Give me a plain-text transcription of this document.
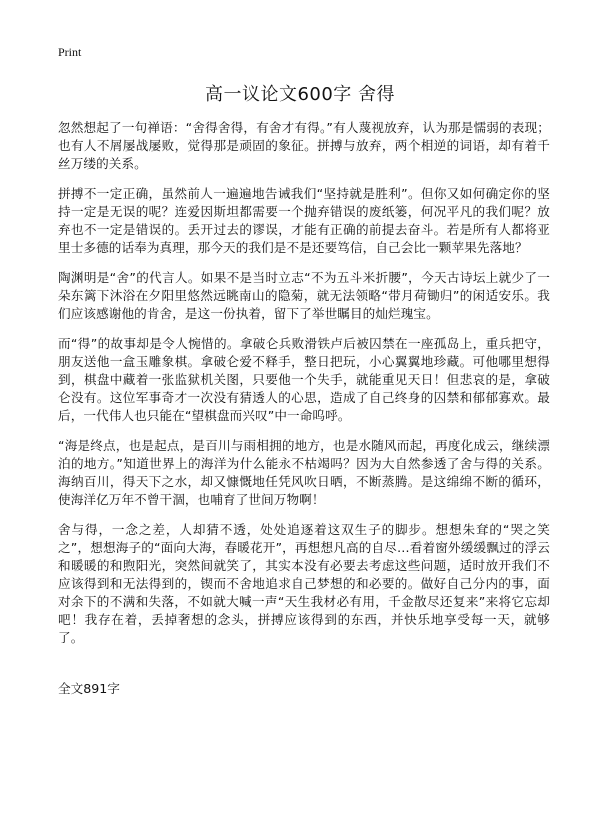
Print
高一议论文600字 舍得

忽然想起了一句禅语：“舍得舍得，有舍才有得。”有人蔑视放弃，认为那是懦弱的表现；也有人不屑屡战屡败，觉得那是顽固的象征。拼搏与放弃，两个相逆的词语，却有着千丝万缕的关系。

拼搏不一定正确，虽然前人一遍遍地告诫我们“坚持就是胜利”。但你又如何确定你的坚持一定是无误的呢？连爱因斯坦都需要一个抛弃错误的废纸篓，何况平凡的我们呢？放弃也不一定是错误的。丢开过去的谬误，才能有正确的前提去奋斗。若是所有人都将亚里士多德的话奉为真理，那今天的我们是不是还要笃信，自己会比一颗苹果先落地？

陶渊明是“舍”的代言人。如果不是当时立志“不为五斗米折腰”，今天古诗坛上就少了一朵东篱下沐浴在夕阳里悠然远眺南山的隐菊，就无法领略“带月荷锄归”的闲适安乐。我们应该感谢他的肯舍，是这一份执着，留下了举世瞩目的灿烂瑰宝。

而“得”的故事却是令人惋惜的。拿破仑兵败滑铁卢后被囚禁在一座孤岛上，重兵把守，朋友送他一盒玉雕象棋。拿破仑爱不释手，整日把玩，小心翼翼地珍藏。可他哪里想得到，棋盘中藏着一张监狱机关图，只要他一个失手，就能重见天日！但悲哀的是，拿破仑没有。这位军事奇才一次没有猜透人的心思，造成了自己终身的囚禁和郁郁寡欢。最后，一代伟人也只能在“望棋盘而兴叹”中一命呜呼。

“海是终点，也是起点，是百川与雨相拥的地方，也是水随风而起，再度化成云，继续漂泊的地方。”知道世界上的海洋为什么能永不枯竭吗？因为大自然参透了舍与得的关系。海纳百川，得天下之水，却又慷慨地任凭风吹日晒，不断蒸腾。是这绵绵不断的循环，使海洋亿万年不曾干涸，也哺育了世间万物啊！

舍与得，一念之差，人却猜不透，处处追逐着这双生子的脚步。想想朱耷的“哭之笑之”，想想海子的“面向大海，春暖花开”，再想想凡高的自尽…看着窗外缓缓飘过的浮云和暖暖的和煦阳光，突然间就笑了，其实本没有必要去考虑这些问题，适时放开我们不应该得到和无法得到的，锲而不舍地追求自己梦想的和必要的。做好自己分内的事，面对余下的不满和失落，不如就大喊一声“天生我材必有用，千金散尽还复来”来将它忘却吧！我存在着，丢掉奢想的念头，拼搏应该得到的东西，并快乐地享受每一天，就够了。

全文891字
